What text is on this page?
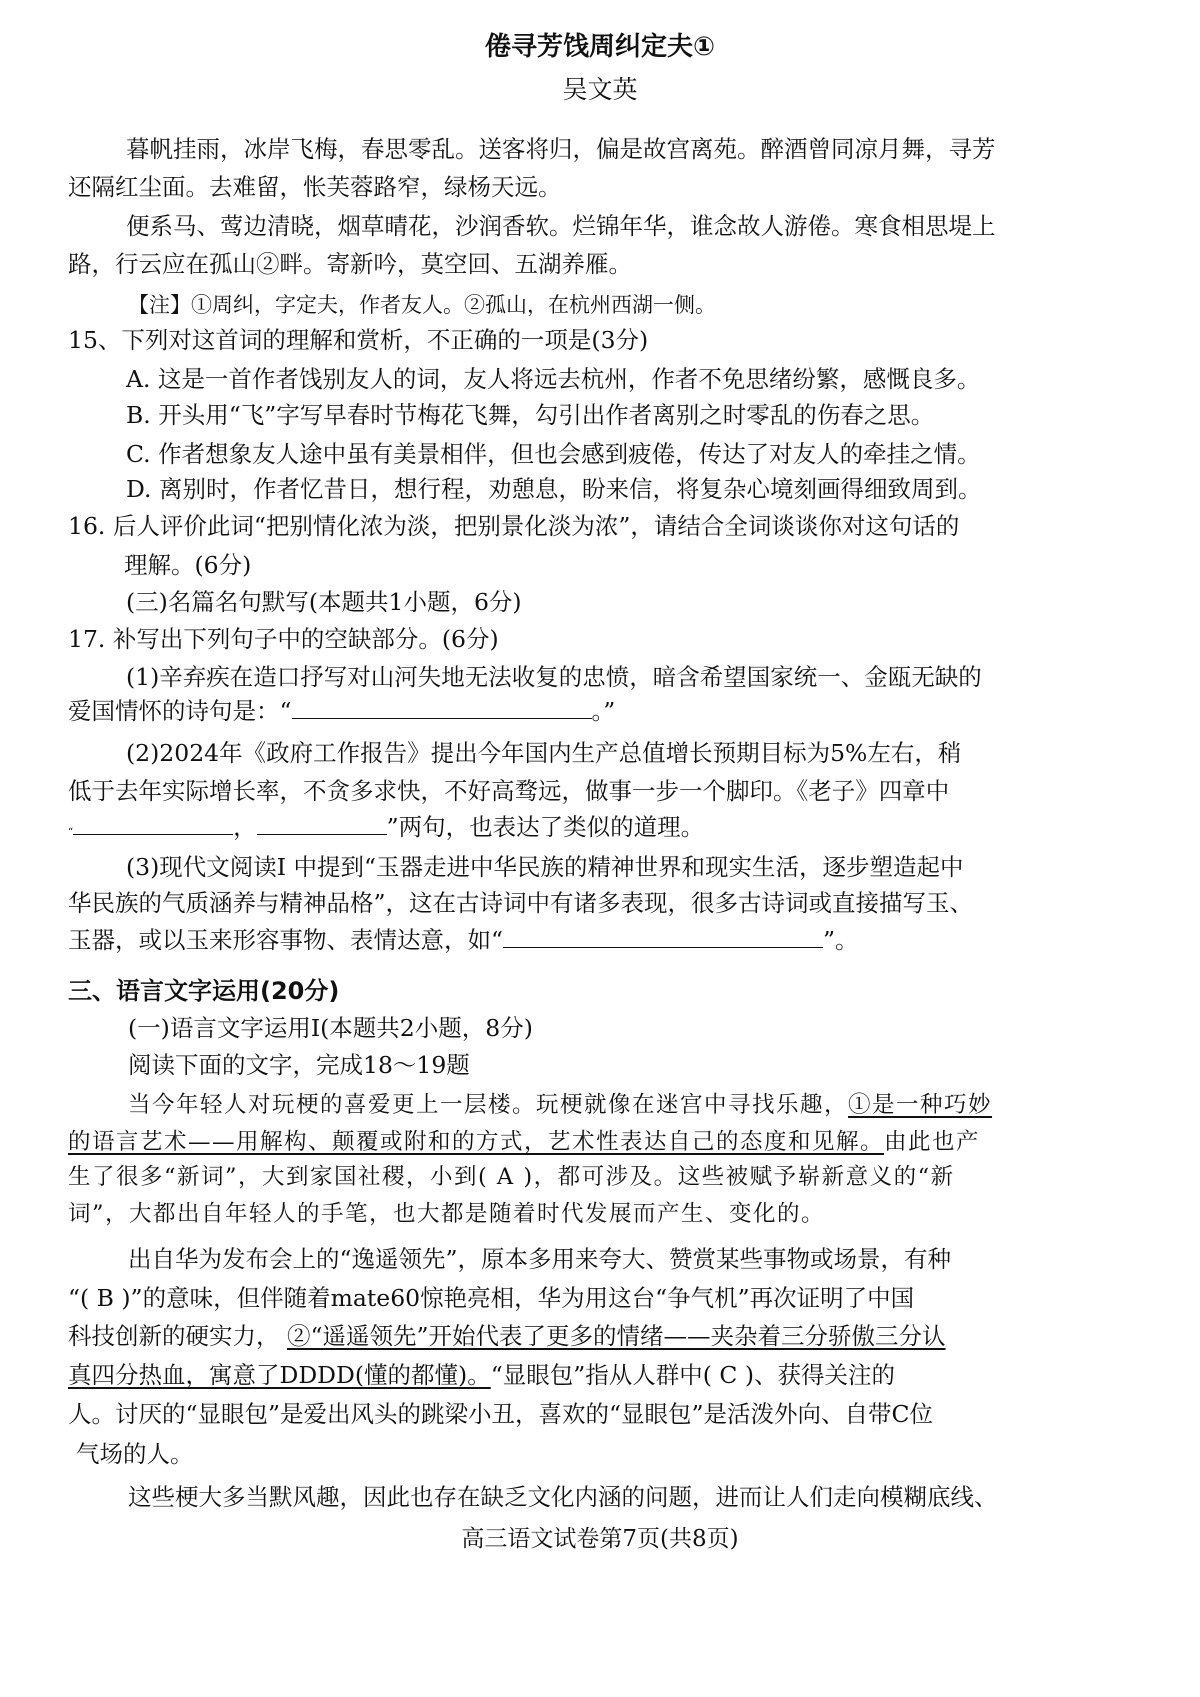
倦寻芳饯周纠定夫①
吴文英
暮帆挂雨，冰岸飞梅，春思零乱。送客将归，偏是故宫离苑。醉酒曾同凉月舞，寻芳
还隔红尘面。去难留，怅芙蓉路窄，绿杨天远。
便系马、莺边清晓，烟草晴花，沙润香软。烂锦年华，谁念故人游倦。寒食相思堤上
路，行云应在孤山②畔。寄新吟，莫空回、五湖养雁。
【注】①周纠，字定夫，作者友人。②孤山，在杭州西湖一侧。
15、下列对这首词的理解和赏析，不正确的一项是(3分)
A. 这是一首作者饯别友人的词，友人将远去杭州，作者不免思绪纷繁，感慨良多。
B. 开头用“飞”字写早春时节梅花飞舞，勾引出作者离别之时零乱的伤春之思。
C. 作者想象友人途中虽有美景相伴，但也会感到疲倦，传达了对友人的牵挂之情。
D. 离别时，作者忆昔日，想行程，劝憩息，盼来信，将复杂心境刻画得细致周到。
16. 后人评价此词“把别情化浓为淡，把别景化淡为浓”，请结合全词谈谈你对这句话的
理解。(6分)
(三)名篇名句默写(本题共1小题，6分)
17. 补写出下列句子中的空缺部分。(6分)
(1)辛弃疾在造口抒写对山河失地无法收复的忠愤，暗含希望国家统一、金瓯无缺的
爱国情怀的诗句是：“	。”
(2)2024年《政府工作报告》提出今年国内生产总值增长预期目标为5%左右，稍
低于去年实际增长率，不贪多求快，不好高骛远，做事一步一个脚印。《老子》四章中
“	，	”两句，也表达了类似的道理。
(3)现代文阅读I 中提到“玉器走进中华民族的精神世界和现实生活，逐步塑造起中
华民族的气质涵养与精神品格”，这在古诗词中有诸多表现，很多古诗词或直接描写玉、
玉器，或以玉来形容事物、表情达意，如“	”。
三、语言文字运用(20分)
(一)语言文字运用I(本题共2小题，8分)
阅读下面的文字，完成18～19题
当今年轻人对玩梗的喜爱更上一层楼。玩梗就像在迷宫中寻找乐趣，①是一种巧妙
的语言艺术——用解构、颠覆或附和的方式，艺术性表达自己的态度和见解。由此也产
生了很多“新词”，大到家国社稷，小到( A )，都可涉及。这些被赋予崭新意义的“新
词”，大都出自年轻人的手笔，也大都是随着时代发展而产生、变化的。
出自华为发布会上的“逸遥领先”，原本多用来夸大、赞赏某些事物或场景，有种
“( B )”的意味，但伴随着mate60惊艳亮相，华为用这台“争气机”再次证明了中国
科技创新的硬实力， ②“遥遥领先”开始代表了更多的情绪——夹杂着三分骄傲三分认
真四分热血，寓意了DDDD(懂的都懂)。“显眼包”指从人群中( C )、获得关注的
人。讨厌的“显眼包”是爱出风头的跳梁小丑，喜欢的“显眼包”是活泼外向、自带C位
气场的人。
这些梗大多当默风趣，因此也存在缺乏文化内涵的问题，进而让人们走向模糊底线、
高三语文试卷第7页(共8页)
